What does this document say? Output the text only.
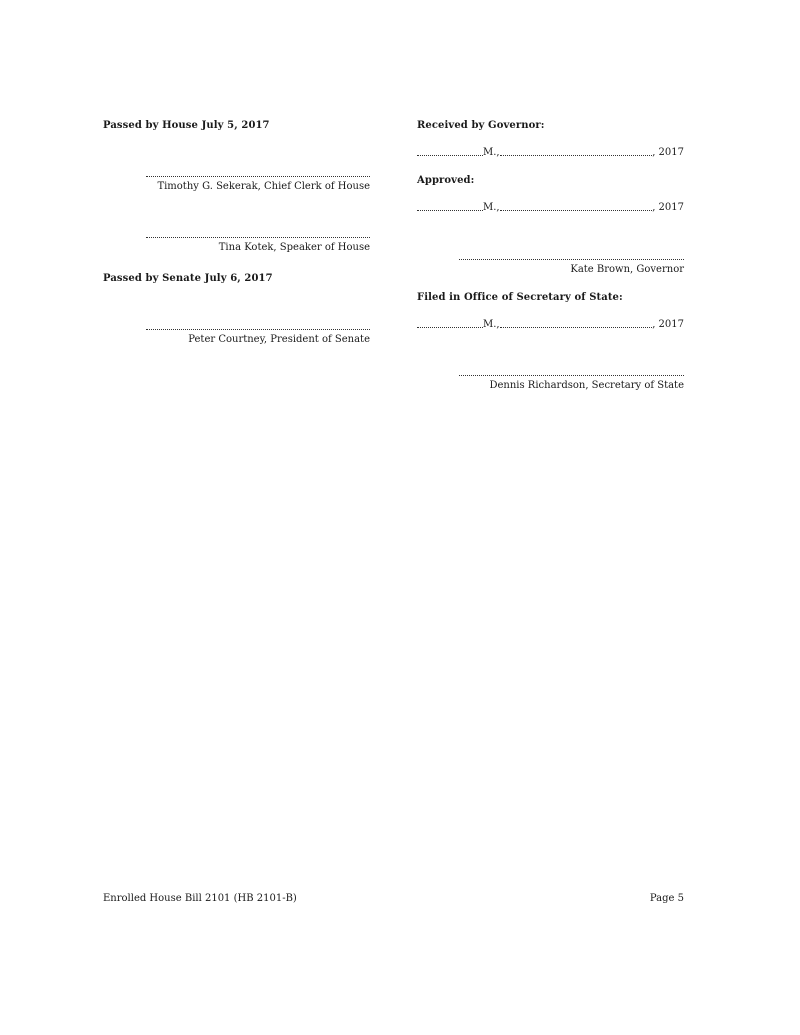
Passed by House July 5, 2017
Timothy G. Sekerak, Chief Clerk of House
Tina Kotek, Speaker of House
Passed by Senate July 6, 2017
Peter Courtney, President of Senate
Received by Governor:
M.,	, 2017
Approved:
M.,	, 2017
Kate Brown, Governor
Filed in Office of Secretary of State:
M.,	, 2017
Dennis Richardson, Secretary of State
Enrolled House Bill 2101 (HB 2101-B)	Page 5
